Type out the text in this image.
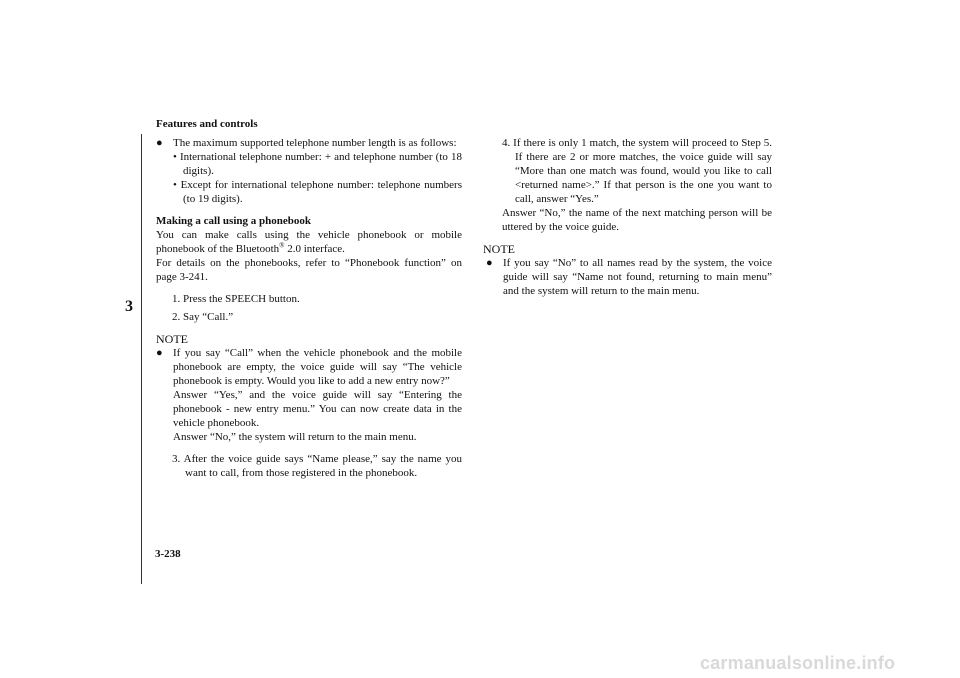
Features and controls
3
● The maximum supported telephone number length is as follows:
• International telephone number: + and telephone number (to 18 digits).
• Except for international telephone number: telephone numbers (to 19 digits).
Making a call using a phonebook
You can make calls using the vehicle phonebook or mobile phonebook of the Bluetooth® 2.0 interface.
For details on the phonebooks, refer to “Phonebook function” on page 3-241.
1. Press the SPEECH button.
2. Say “Call.”
NOTE
● If you say “Call” when the vehicle phonebook and the mobile phonebook are empty, the voice guide will say “The vehicle phonebook is empty. Would you like to add a new entry now?”
Answer “Yes,” and the voice guide will say “Entering the phonebook - new entry menu.” You can now create data in the vehicle phonebook.
Answer “No,” the system will return to the main menu.
3. After the voice guide says “Name please,” say the name you want to call, from those registered in the phonebook.
4. If there is only 1 match, the system will proceed to Step 5. If there are 2 or more matches, the voice guide will say “More than one match was found, would you like to call <returned name>.” If that person is the one you want to call, answer “Yes.”
Answer “No,” the name of the next matching person will be uttered by the voice guide.
NOTE
● If you say “No” to all names read by the system, the voice guide will say “Name not found, returning to main menu” and the system will return to the main menu.
3-238
carmanualsonline.info
